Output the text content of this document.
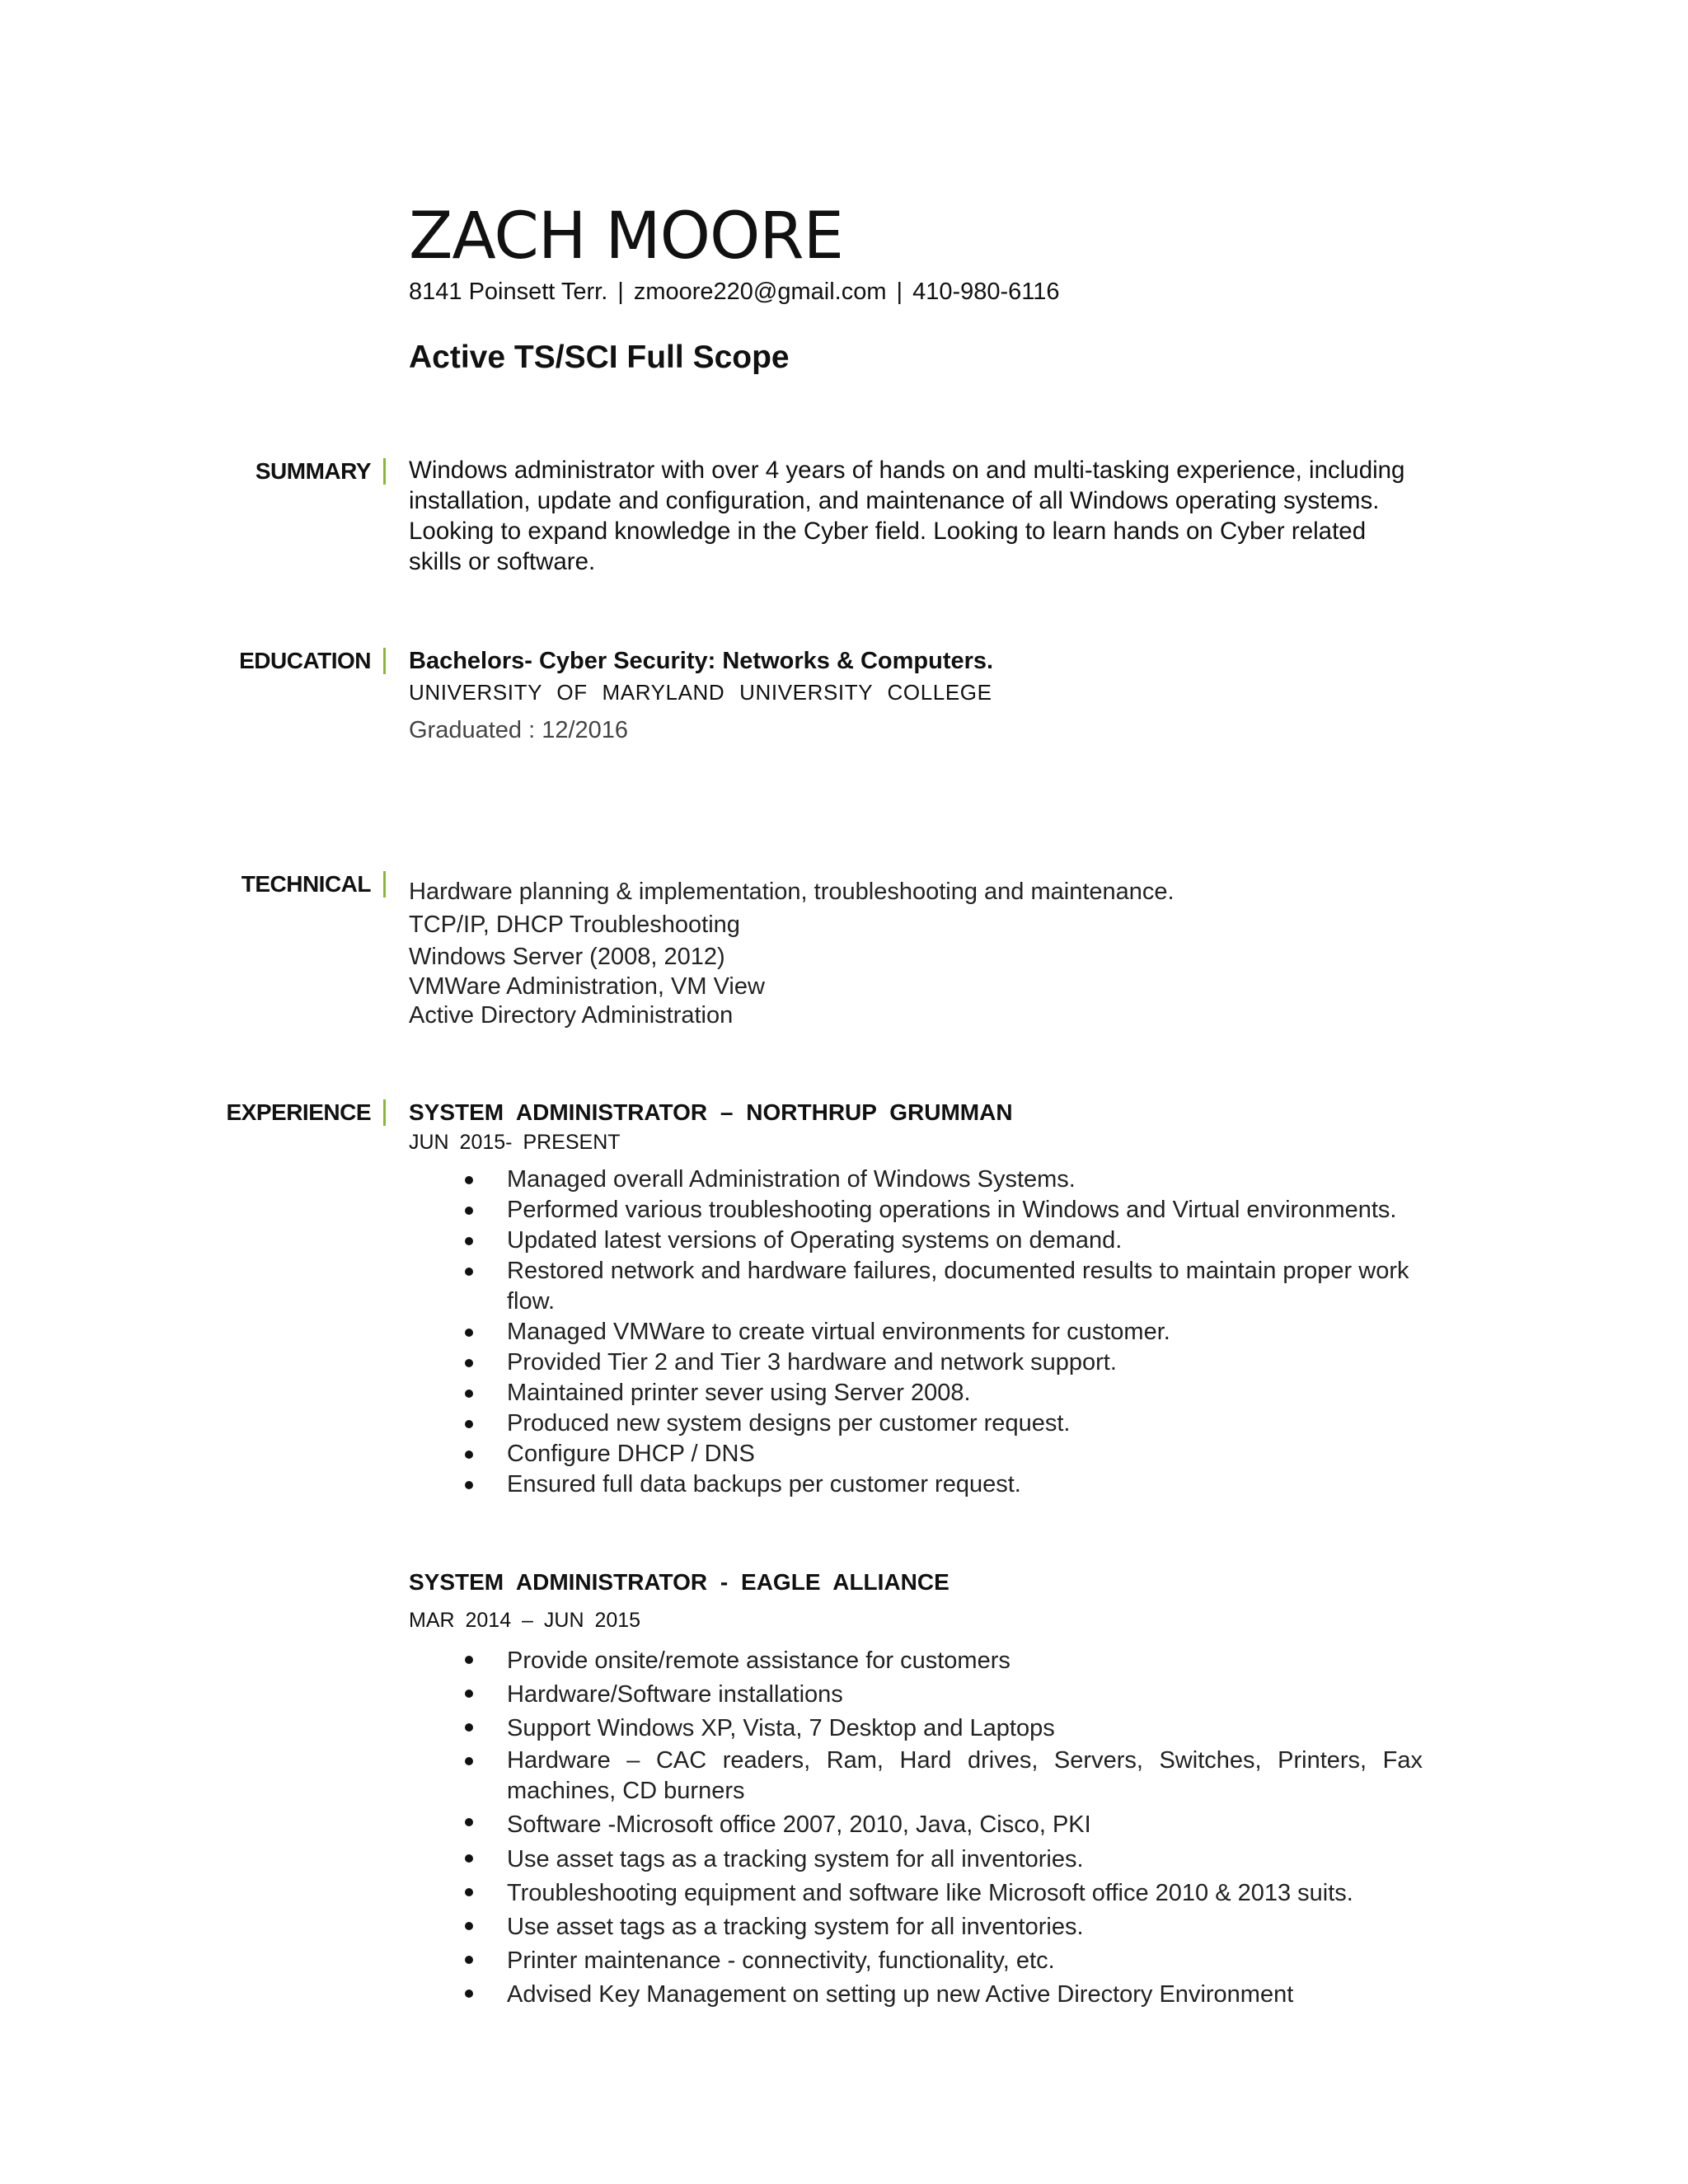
ZACH MOORE
8141 Poinsett Terr. | zmoore220@gmail.com | 410-980-6116
Active TS/SCI Full Scope
SUMMARY Windows administrator with over 4 years of hands on and multi-tasking experience, including installation, update and configuration, and maintenance of all Windows operating systems. Looking to expand knowledge in the Cyber field. Looking to learn hands on Cyber related skills or software.

EDUCATION Bachelors- Cyber Security: Networks & Computers.

UNIVERSITY OF MARYLAND UNIVERSITY COLLEGE

Graduated : 12/2016

TECHNICAL Hardware planning & implementation, troubleshooting and maintenance.
TCP/IP, DHCP Troubleshooting
Windows Server (2008, 2012)
VMWare Administration, VM View
Active Directory Administration
EXPERIENCE SYSTEM ADMINISTRATOR – NORTHRUP GRUMMAN

JUN 2015- PRESENT

Managed overall Administration of Windows Systems.
Performed various troubleshooting operations in Windows and Virtual environments.
Updated latest versions of Operating systems on demand.
Restored network and hardware failures, documented results to maintain proper work flow.
Managed VMWare to create virtual environments for customer.
Provided Tier 2 and Tier 3 hardware and network support.
Maintained printer sever using Server 2008.
Produced new system designs per customer request.
Configure DHCP / DNS
Ensured full data backups per customer request.

SYSTEM ADMINISTRATOR - EAGLE ALLIANCE

MAR 2014 – JUN 2015

Provide onsite/remote assistance for customers
Hardware/Software installations
Support Windows XP, Vista, 7 Desktop and Laptops
Hardware – CAC readers, Ram, Hard drives, Servers, Switches, Printers, Fax machines, CD burners
Software -Microsoft office 2007, 2010, Java, Cisco, PKI
Use asset tags as a tracking system for all inventories.
Troubleshooting equipment and software like Microsoft office 2010 & 2013 suits.
Use asset tags as a tracking system for all inventories.
Printer maintenance - connectivity, functionality, etc.
Advised Key Management on setting up new Active Directory Environment
